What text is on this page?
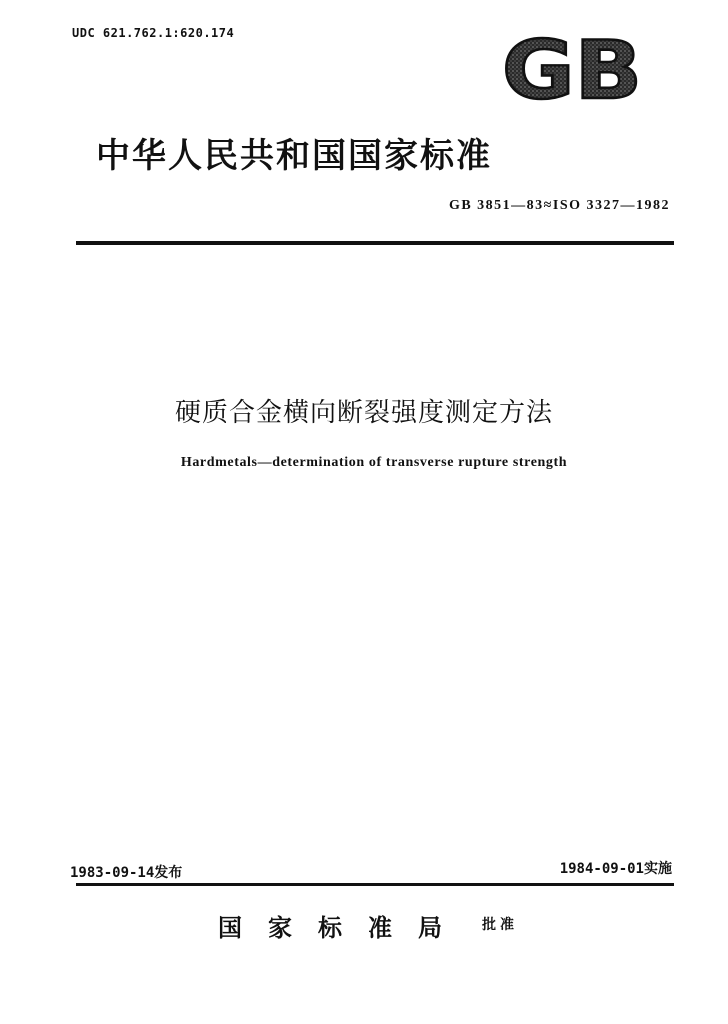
UDC 621.762.1:620.174	GB
中华人民共和国国家标准
GB 3851—83≈ISO 3327—1982
硬质合金横向断裂强度测定方法
Hardmetals—determination of transverse rupture strength
1983-09-14发布	1984-09-01实施
国家标准局 批准
